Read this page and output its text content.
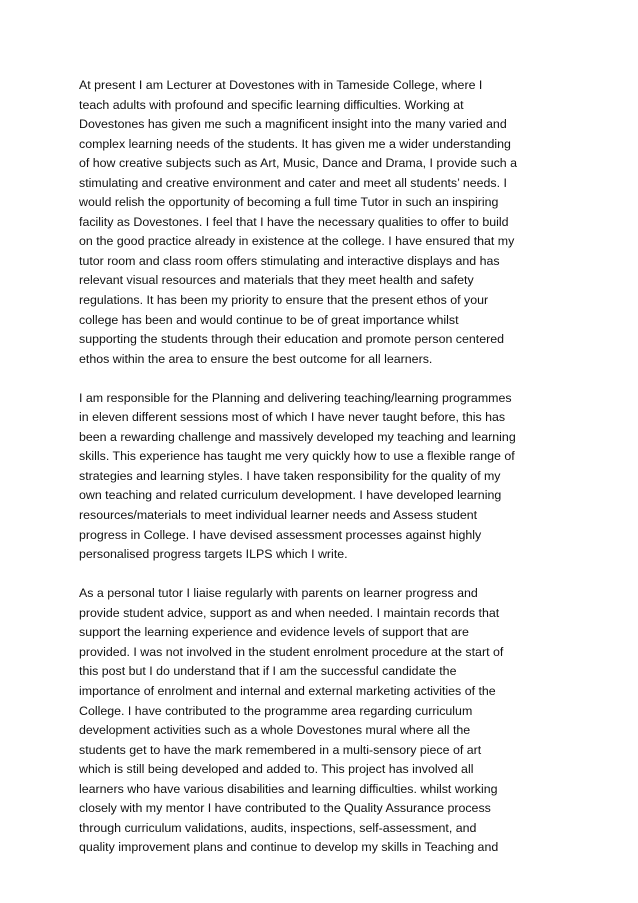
At present I am Lecturer at Dovestones with in Tameside College, where I
teach adults with profound and specific learning difficulties. Working at
Dovestones has given me such a magnificent insight into the many varied and
complex learning needs of the students. It has given me a wider understanding
of how creative subjects such as Art, Music, Dance and Drama, I provide such a
stimulating and creative environment and cater and meet all students’ needs. I
would relish the opportunity of becoming a full time Tutor in such an inspiring
facility as Dovestones. I feel that I have the necessary qualities to offer to build
on the good practice already in existence at the college. I have ensured that my
tutor room and class room offers stimulating and interactive displays and has
relevant visual resources and materials that they meet health and safety
regulations. It has been my priority to ensure that the present ethos of your
college has been and would continue to be of great importance whilst
supporting the students through their education and promote person centered
ethos within the area to ensure the best outcome for all learners.

I am responsible for the Planning and delivering teaching/learning programmes
in eleven different sessions most of which I have never taught before, this has
been a rewarding challenge and massively developed my teaching and learning
skills. This experience has taught me very quickly how to use a flexible range of
strategies and learning styles. I have taken responsibility for the quality of my
own teaching and related curriculum development. I have developed learning
resources/materials to meet individual learner needs and Assess student
progress in College. I have devised assessment processes against highly
personalised progress targets ILPS which I write.

As a personal tutor I liaise regularly with parents on learner progress and
provide student advice, support as and when needed. I maintain records that
support the learning experience and evidence levels of support that are
provided. I was not involved in the student enrolment procedure at the start of
this post but I do understand that if I am the successful candidate the
importance of enrolment and internal and external marketing activities of the
College. I have contributed to the programme area regarding curriculum
development activities such as a whole Dovestones mural where all the
students get to have the mark remembered in a multi-sensory piece of art
which is still being developed and added to. This project has involved all
learners who have various disabilities and learning difficulties. whilst working
closely with my mentor I have contributed to the Quality Assurance process
through curriculum validations, audits, inspections, self-assessment, and
quality improvement plans and continue to develop my skills in Teaching and
